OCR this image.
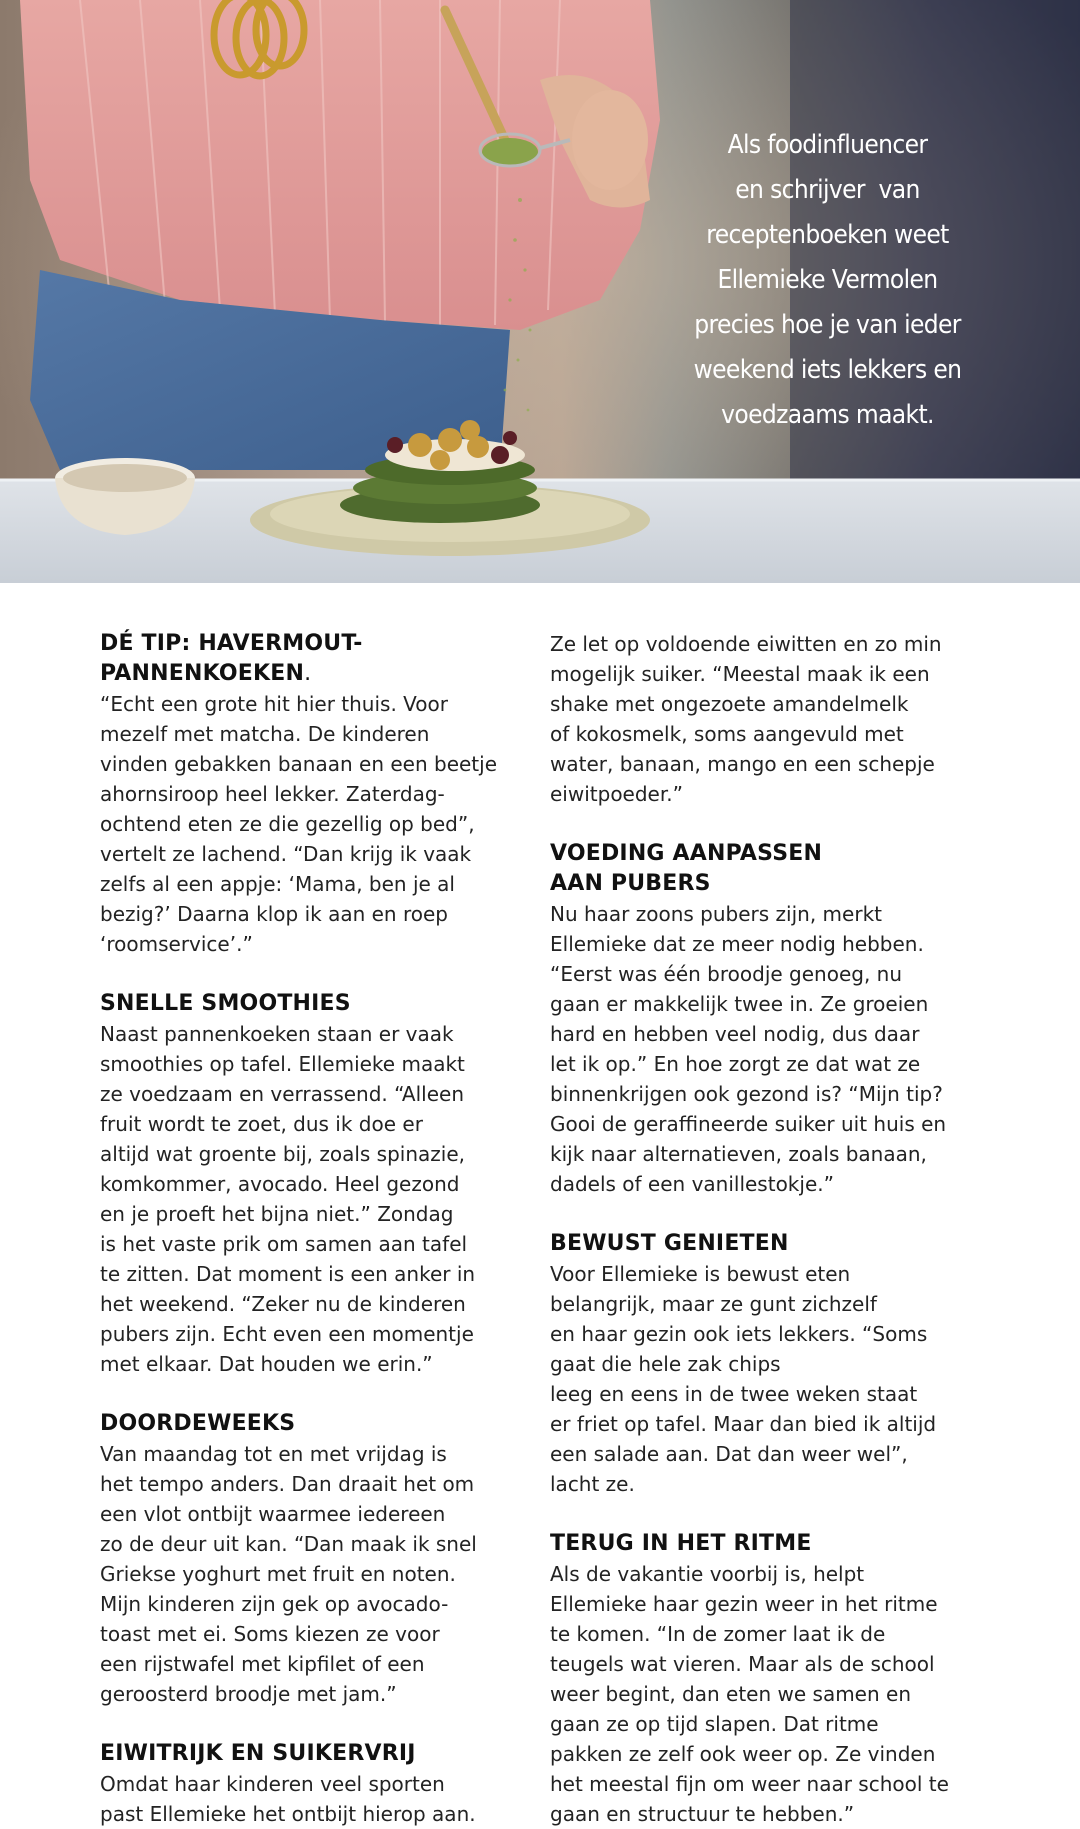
Als foodinfluencer
en schrijver  van
receptenboeken weet
Ellemieke Vermolen
precies hoe je van ieder
weekend iets lekkers en
voedzaams maakt.
DÉ TIP: HAVERMOUT-
PANNENKOEKEN.

“Echt een grote hit hier thuis. Voor

mezelf met matcha. De kinderen

vinden gebakken banaan en een beetje

ahornsiroop heel lekker. Zaterdag-

ochtend eten ze die gezellig op bed”,

vertelt ze lachend. “Dan krijg ik vaak

zelfs al een appje: ‘Mama, ben je al

bezig?’ Daarna klop ik aan en roep

‘roomservice’.”

SNELLE SMOOTHIES

Naast pannenkoeken staan er vaak

smoothies op tafel. Ellemieke maakt

ze voedzaam en verrassend. “Alleen

fruit wordt te zoet, dus ik doe er

altijd wat groente bij, zoals spinazie,

komkommer, avocado. Heel gezond

en je proeft het bijna niet.” Zondag

is het vaste prik om samen aan tafel

te zitten. Dat moment is een anker in

het weekend. “Zeker nu de kinderen

pubers zijn. Echt even een momentje

met elkaar. Dat houden we erin.”

DOORDEWEEKS

Van maandag tot en met vrijdag is

het tempo anders. Dan draait het om

een vlot ontbijt waarmee iedereen

zo de deur uit kan. “Dan maak ik snel

Griekse yoghurt met fruit en noten.

Mijn kinderen zijn gek op avocado-

toast met ei. Soms kiezen ze voor

een rijstwafel met kipfilet of een

geroosterd broodje met jam.”

EIWITRIJK EN SUIKERVRIJ

Omdat haar kinderen veel sporten

past Ellemieke het ontbijt hierop aan.

Ze let op voldoende eiwitten en zo min

mogelijk suiker. “Meestal maak ik een

shake met ongezoete amandelmelk

of kokosmelk, soms aangevuld met

water, banaan, mango en een schepje

eiwitpoeder.”

VOEDING AANPASSEN
AAN PUBERS

Nu haar zoons pubers zijn, merkt

Ellemieke dat ze meer nodig hebben.

“Eerst was één broodje genoeg, nu

gaan er makkelijk twee in. Ze groeien

hard en hebben veel nodig, dus daar

let ik op.” En hoe zorgt ze dat wat ze

binnenkrijgen ook gezond is? “Mijn tip?

Gooi de geraffineerde suiker uit huis en

kijk naar alternatieven, zoals banaan,

dadels of een vanillestokje.”

BEWUST GENIETEN

Voor Ellemieke is bewust eten

belangrijk, maar ze gunt zichzelf

en haar gezin ook iets lekkers. “Soms

gaat die hele zak chips

leeg en eens in de twee weken staat

er friet op tafel. Maar dan bied ik altijd

een salade aan. Dat dan weer wel”,

lacht ze.

TERUG IN HET RITME

Als de vakantie voorbij is, helpt

Ellemieke haar gezin weer in het ritme

te komen. “In de zomer laat ik de

teugels wat vieren. Maar als de school

weer begint, dan eten we samen en

gaan ze op tijd slapen. Dat ritme

pakken ze zelf ook weer op. Ze vinden

het meestal fijn om weer naar school te

gaan en structuur te hebben.”
